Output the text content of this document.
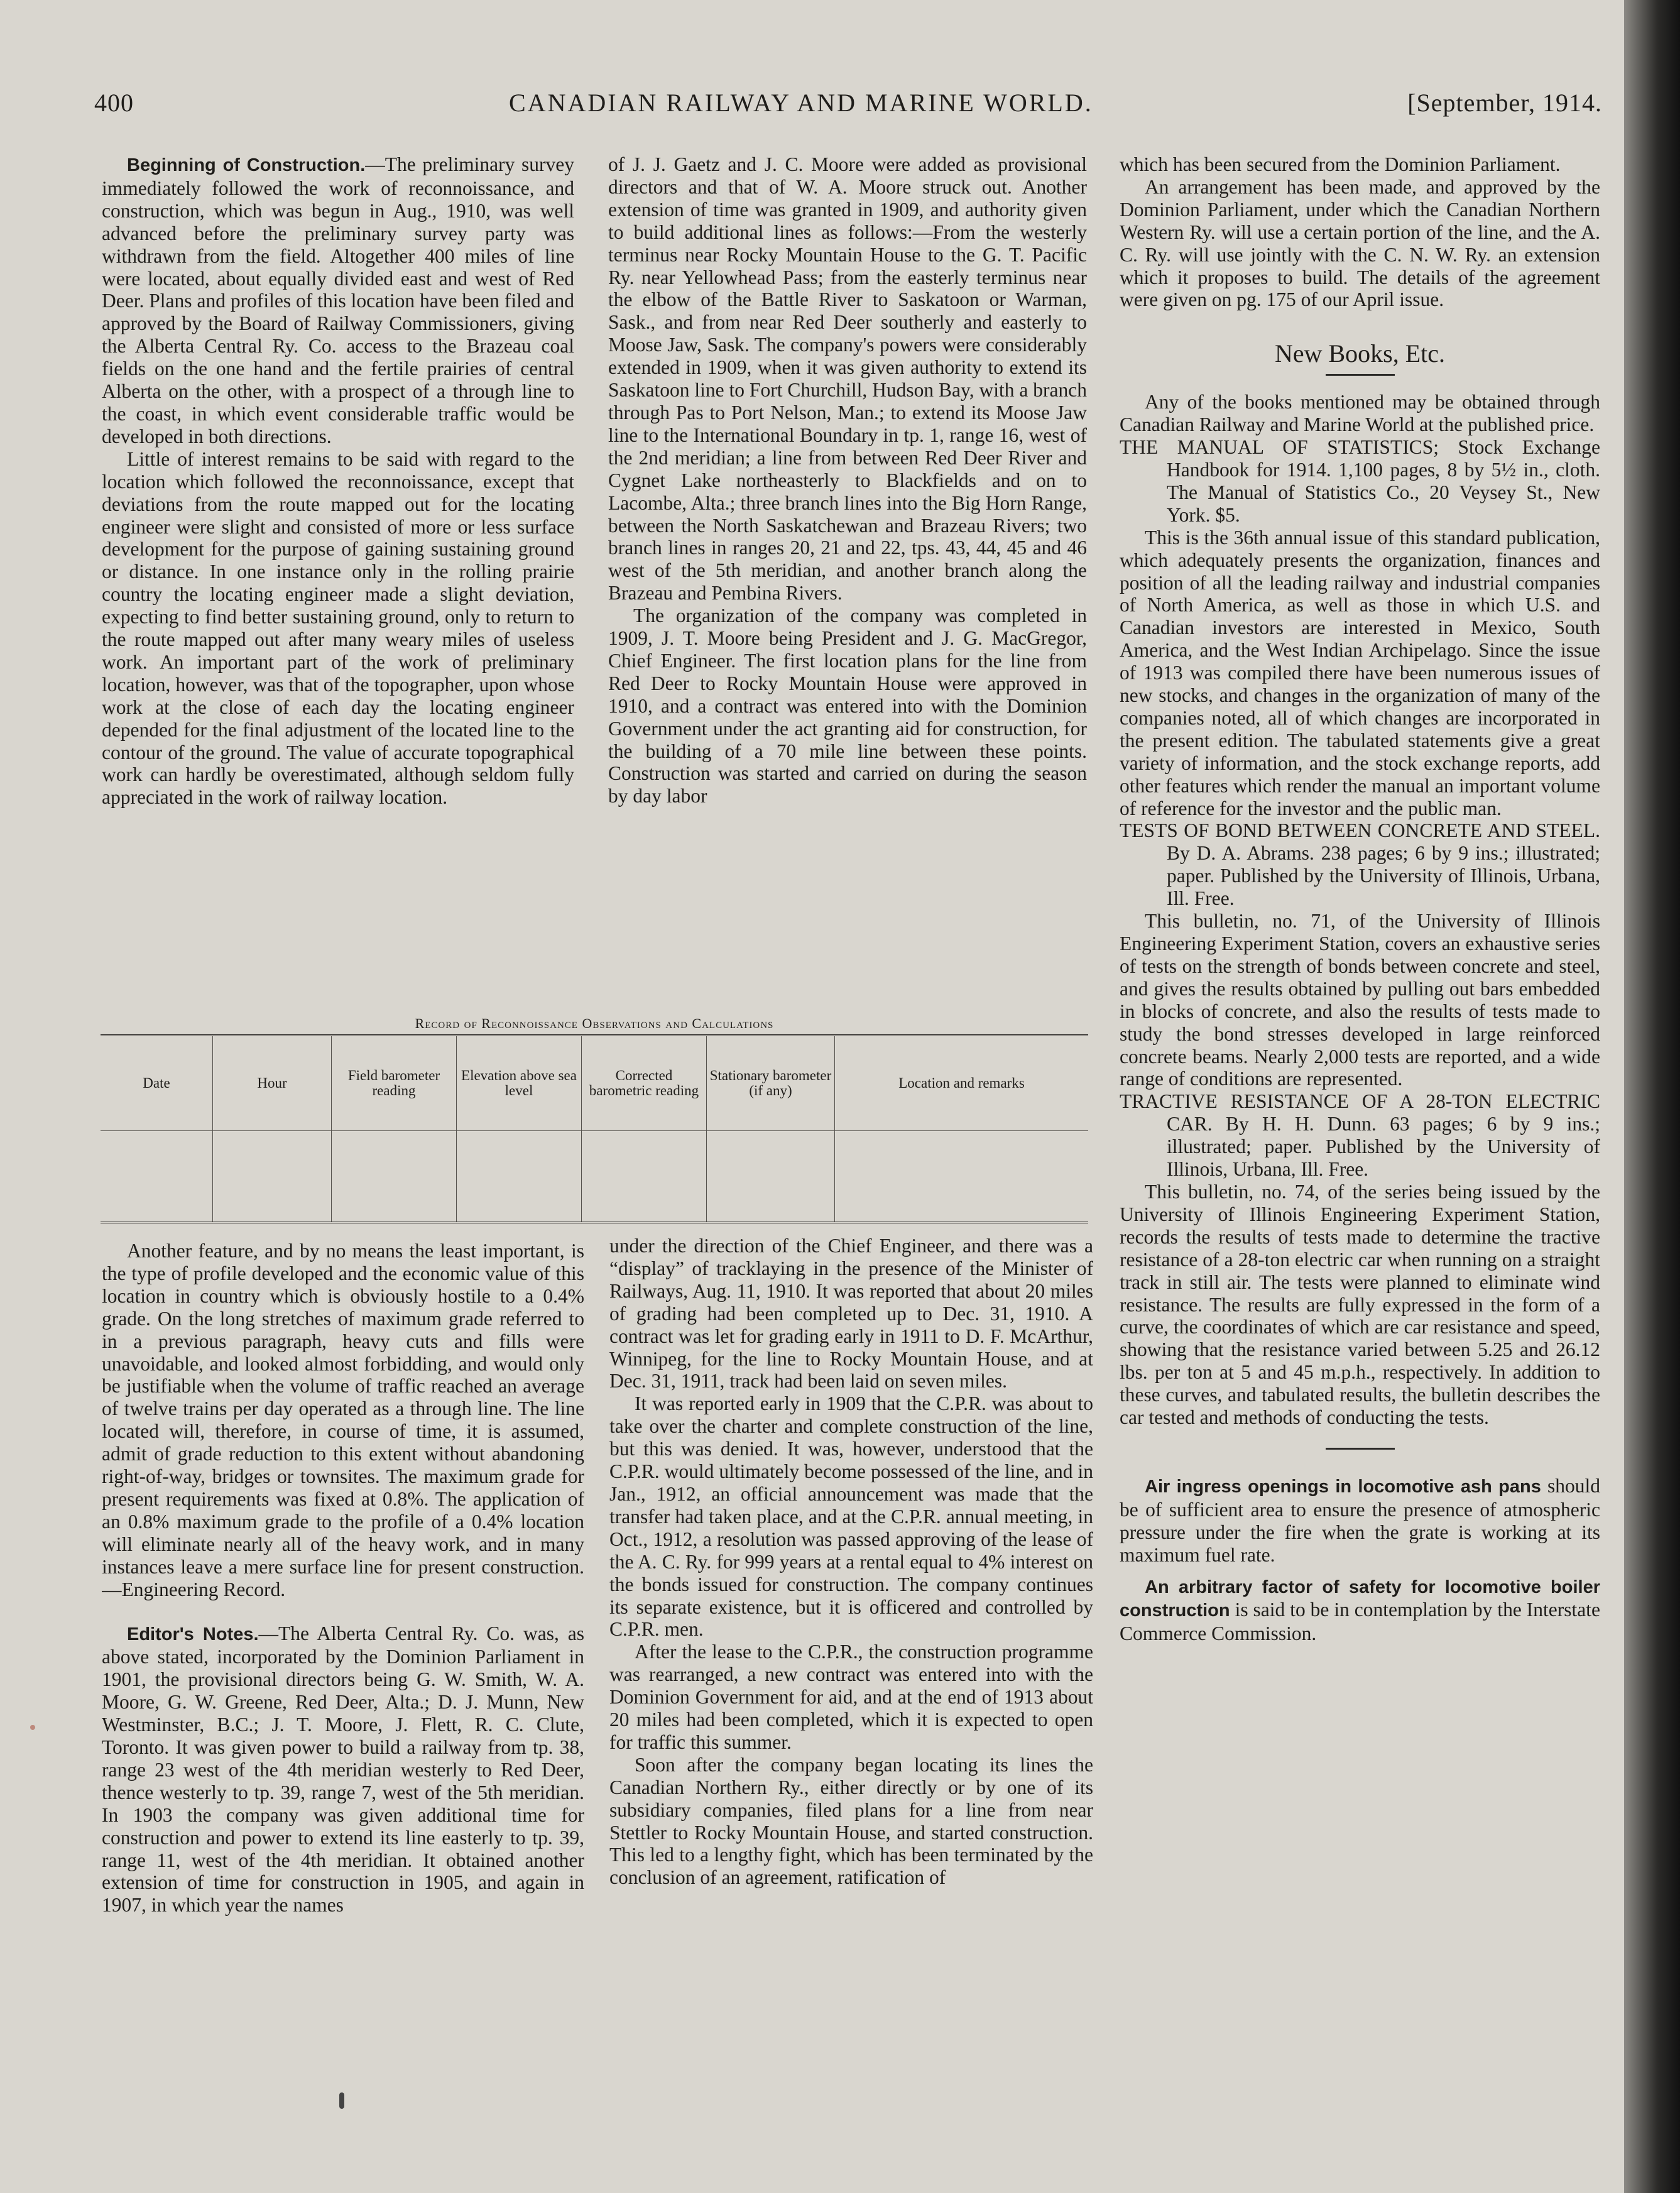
400	CANADIAN RAILWAY AND MARINE WORLD.	[September, 1914.

Beginning of Construction.—The preliminary survey immediately followed the work of reconnoissance, and construction, which was begun in Aug., 1910, was well advanced before the preliminary survey party was withdrawn from the field. Altogether 400 miles of line were located, about equally divided east and west of Red Deer. Plans and profiles of this location have been filed and approved by the Board of Railway Commissioners, giving the Alberta Central Ry. Co. access to the Brazeau coal fields on the one hand and the fertile prairies of central Alberta on the other, with a prospect of a through line to the coast, in which event considerable traffic would be developed in both directions.

Little of interest remains to be said with regard to the location which followed the reconnoissance, except that deviations from the route mapped out for the locating engineer were slight and consisted of more or less surface development for the purpose of gaining sustaining ground or distance. In one instance only in the rolling prairie country the locating engineer made a slight deviation, expecting to find better sustaining ground, only to return to the route mapped out after many weary miles of useless work. An important part of the work of preliminary location, however, was that of the topographer, upon whose work at the close of each day the locating engineer depended for the final adjustment of the located line to the contour of the ground. The value of accurate topographical work can hardly be overestimated, although seldom fully appreciated in the work of railway location.

of J. J. Gaetz and J. C. Moore were added as provisional directors and that of W. A. Moore struck out. Another extension of time was granted in 1909, and authority given to build additional lines as follows:—From the westerly terminus near Rocky Mountain House to the G. T. Pacific Ry. near Yellowhead Pass; from the easterly terminus near the elbow of the Battle River to Saskatoon or Warman, Sask., and from near Red Deer southerly and easterly to Moose Jaw, Sask. The company's powers were considerably extended in 1909, when it was given authority to extend its Saskatoon line to Fort Churchill, Hudson Bay, with a branch through Pas to Port Nelson, Man.; to extend its Moose Jaw line to the International Boundary in tp. 1, range 16, west of the 2nd meridian; a line from between Red Deer River and Cygnet Lake northeasterly to Blackfields and on to Lacombe, Alta.; three branch lines into the Big Horn Range, between the North Saskatchewan and Brazeau Rivers; two branch lines in ranges 20, 21 and 22, tps. 43, 44, 45 and 46 west of the 5th meridian, and another branch along the Brazeau and Pembina Rivers.

The organization of the company was completed in 1909, J. T. Moore being President and J. G. MacGregor, Chief Engineer. The first location plans for the line from Red Deer to Rocky Mountain House were approved in 1910, and a contract was entered into with the Dominion Government under the act granting aid for construction, for the building of a 70 mile line between these points. Construction was started and carried on during the season by day labor

Record of Reconnoissance Observations and Calculations
Date	Hour	Field barometer reading	Elevation above sea level	Corrected barometric reading	Stationary barometer (if any)	Location and remarks

Another feature, and by no means the least important, is the type of profile developed and the economic value of this location in country which is obviously hostile to a 0.4% grade. On the long stretches of maximum grade referred to in a previous paragraph, heavy cuts and fills were unavoidable, and looked almost forbidding, and would only be justifiable when the volume of traffic reached an average of twelve trains per day operated as a through line. The line located will, therefore, in course of time, it is assumed, admit of grade reduction to this extent without abandoning right-of-way, bridges or townsites. The maximum grade for present requirements was fixed at 0.8%. The application of an 0.8% maximum grade to the profile of a 0.4% location will eliminate nearly all of the heavy work, and in many instances leave a mere surface line for present construction.—Engineering Record.

Editor's Notes.—The Alberta Central Ry. Co. was, as above stated, incorporated by the Dominion Parliament in 1901, the provisional directors being G. W. Smith, W. A. Moore, G. W. Greene, Red Deer, Alta.; D. J. Munn, New Westminster, B.C.; J. T. Moore, J. Flett, R. C. Clute, Toronto. It was given power to build a railway from tp. 38, range 23 west of the 4th meridian westerly to Red Deer, thence westerly to tp. 39, range 7, west of the 5th meridian. In 1903 the company was given additional time for construction and power to extend its line easterly to tp. 39, range 11, west of the 4th meridian. It obtained another extension of time for construction in 1905, and again in 1907, in which year the names

under the direction of the Chief Engineer, and there was a “display” of tracklaying in the presence of the Minister of Railways, Aug. 11, 1910. It was reported that about 20 miles of grading had been completed up to Dec. 31, 1910. A contract was let for grading early in 1911 to D. F. McArthur, Winnipeg, for the line to Rocky Mountain House, and at Dec. 31, 1911, track had been laid on seven miles.

It was reported early in 1909 that the C.P.R. was about to take over the charter and complete construction of the line, but this was denied. It was, however, understood that the C.P.R. would ultimately become possessed of the line, and in Jan., 1912, an official announcement was made that the transfer had taken place, and at the C.P.R. annual meeting, in Oct., 1912, a resolution was passed approving of the lease of the A. C. Ry. for 999 years at a rental equal to 4% interest on the bonds issued for construction. The company continues its separate existence, but it is officered and controlled by C.P.R. men.

After the lease to the C.P.R., the construction programme was rearranged, a new contract was entered into with the Dominion Government for aid, and at the end of 1913 about 20 miles had been completed, which it is expected to open for traffic this summer.

Soon after the company began locating its lines the Canadian Northern Ry., either directly or by one of its subsidiary companies, filed plans for a line from near Stettler to Rocky Mountain House, and started construction. This led to a lengthy fight, which has been terminated by the conclusion of an agreement, ratification of

which has been secured from the Dominion Parliament.

An arrangement has been made, and approved by the Dominion Parliament, under which the Canadian Northern Western Ry. will use a certain portion of the line, and the A. C. Ry. will use jointly with the C. N. W. Ry. an extension which it proposes to build. The details of the agreement were given on pg. 175 of our April issue.

New Books, Etc.

Any of the books mentioned may be obtained through Canadian Railway and Marine World at the published price.

THE MANUAL OF STATISTICS; Stock Exchange Handbook for 1914. 1,100 pages, 8 by 5½ in., cloth. The Manual of Statistics Co., 20 Veysey St., New York. $5.

This is the 36th annual issue of this standard publication, which adequately presents the organization, finances and position of all the leading railway and industrial companies of North America, as well as those in which U.S. and Canadian investors are interested in Mexico, South America, and the West Indian Archipelago. Since the issue of 1913 was compiled there have been numerous issues of new stocks, and changes in the organization of many of the companies noted, all of which changes are incorporated in the present edition. The tabulated statements give a great variety of information, and the stock exchange reports, add other features which render the manual an important volume of reference for the investor and the public man.

TESTS OF BOND BETWEEN CONCRETE AND STEEL. By D. A. Abrams. 238 pages; 6 by 9 ins.; illustrated; paper. Published by the University of Illinois, Urbana, Ill. Free.

This bulletin, no. 71, of the University of Illinois Engineering Experiment Station, covers an exhaustive series of tests on the strength of bonds between concrete and steel, and gives the results obtained by pulling out bars embedded in blocks of concrete, and also the results of tests made to study the bond stresses developed in large reinforced concrete beams. Nearly 2,000 tests are reported, and a wide range of conditions are represented.

TRACTIVE RESISTANCE OF A 28-TON ELECTRIC CAR. By H. H. Dunn. 63 pages; 6 by 9 ins.; illustrated; paper. Published by the University of Illinois, Urbana, Ill. Free.

This bulletin, no. 74, of the series being issued by the University of Illinois Engineering Experiment Station, records the results of tests made to determine the tractive resistance of a 28-ton electric car when running on a straight track in still air. The tests were planned to eliminate wind resistance. The results are fully expressed in the form of a curve, the coordinates of which are car resistance and speed, showing that the resistance varied between 5.25 and 26.12 lbs. per ton at 5 and 45 m.p.h., respectively. In addition to these curves, and tabulated results, the bulletin describes the car tested and methods of conducting the tests.

Air ingress openings in locomotive ash pans should be of sufficient area to ensure the presence of atmospheric pressure under the fire when the grate is working at its maximum fuel rate.

An arbitrary factor of safety for locomotive boiler construction is said to be in contemplation by the Interstate Commerce Commission.
